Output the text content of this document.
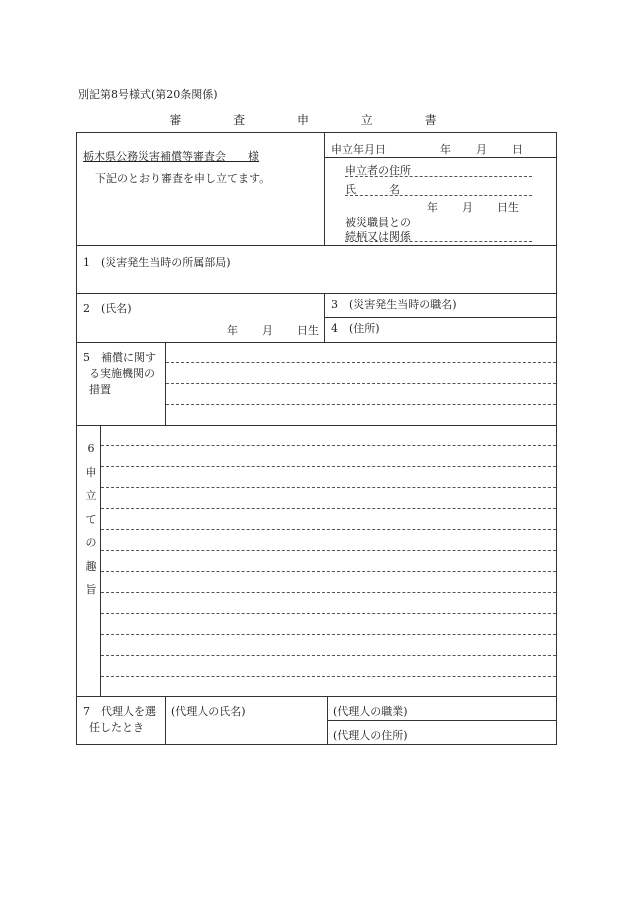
別記第8号様式(第20条関係)
審 査 申 立 書
栃木県公務災害補償等審査会　　様
下記のとおり審査を申し立てます。
申立年月日	年 月 日
申立者の住所
氏　　　名
年 月 日生
被災職員との
続柄又は関係
1　(災害発生当時の所属部局)
2　(氏名)
年 月 日生
3　(災害発生当時の職名)
4　(住所)
5　補償に関す
る実施機関の
措置
6
申
立
て
の
趣
旨
7　代理人を選
任したとき
(代理人の氏名)	(代理人の職業)
(代理人の住所)
